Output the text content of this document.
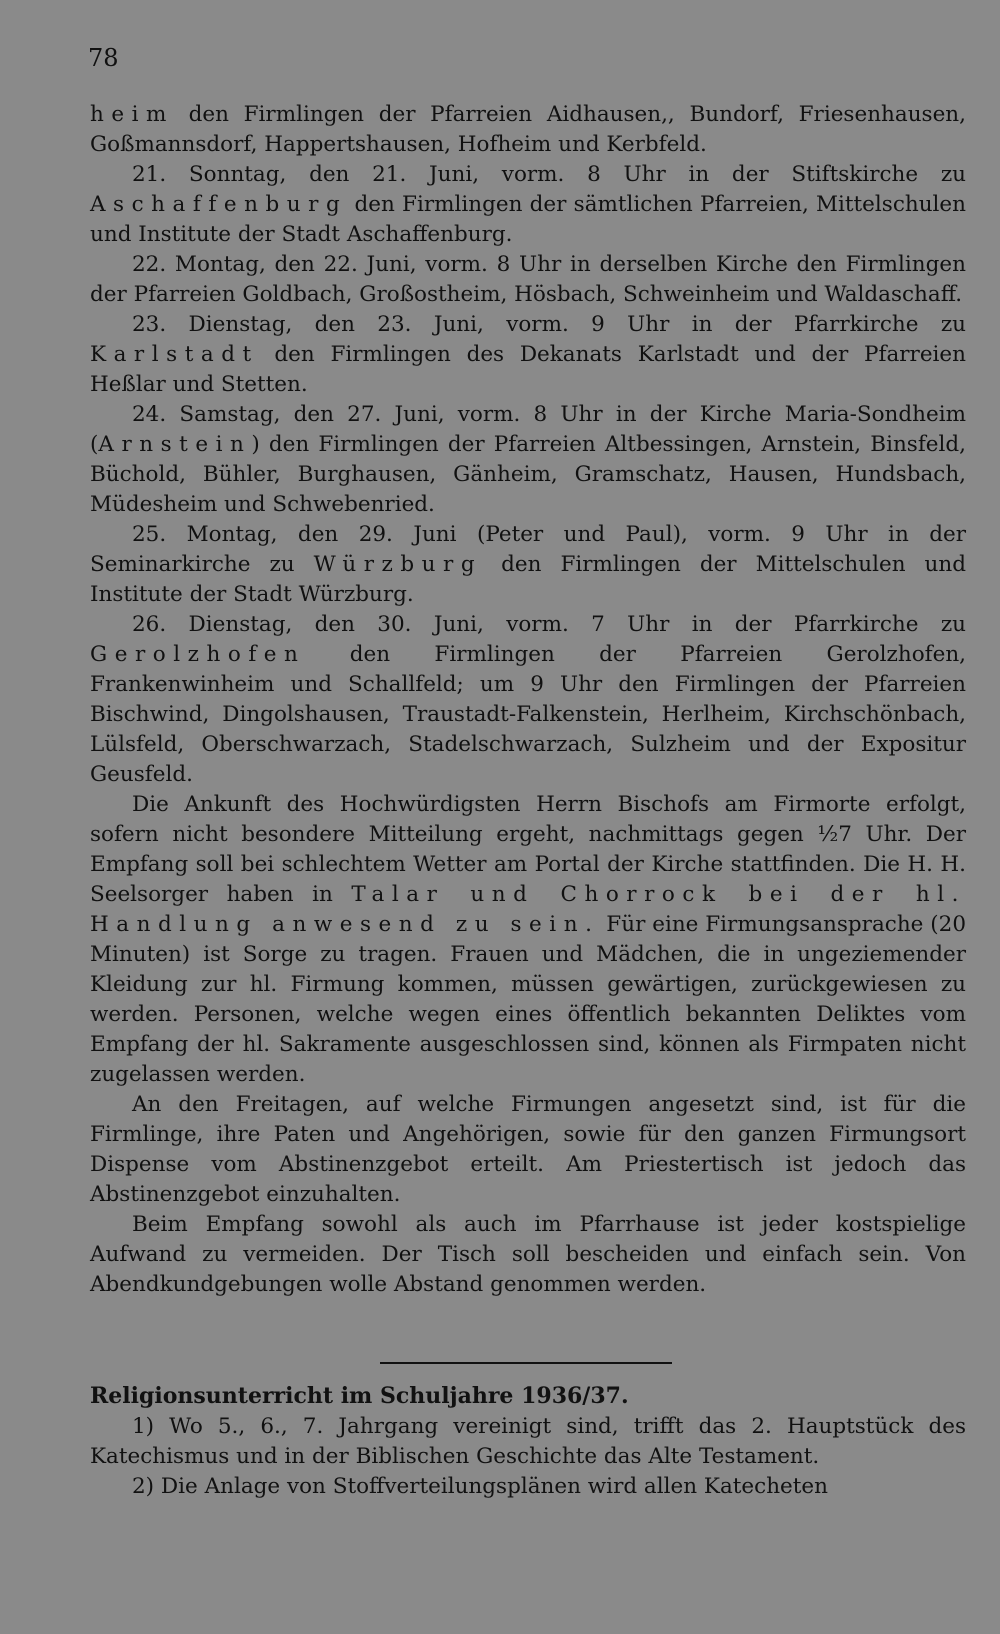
78

heim den Firmlingen der Pfarreien Aidhausen,, Bundorf, Friesenhausen, Goßmannsdorf, Happertshausen, Hofheim und Kerbfeld.

21. Sonntag, den 21. Juni, vorm. 8 Uhr in der Stiftskirche zu Aschaffenburg den Firmlingen der sämtlichen Pfarreien, Mittelschulen und Institute der Stadt Aschaffenburg.

22. Montag, den 22. Juni, vorm. 8 Uhr in derselben Kirche den Firmlingen der Pfarreien Goldbach, Großostheim, Hösbach, Schweinheim und Waldaschaff.

23. Dienstag, den 23. Juni, vorm. 9 Uhr in der Pfarrkirche zu Karlstadt den Firmlingen des Dekanats Karlstadt und der Pfarreien Heßlar und Stetten.

24. Samstag, den 27. Juni, vorm. 8 Uhr in der Kirche Maria-Sondheim (Arnstein) den Firmlingen der Pfarreien Altbessingen, Arnstein, Binsfeld, Büchold, Bühler, Burghausen, Gänheim, Gramschatz, Hausen, Hundsbach, Müdesheim und Schwebenried.

25. Montag, den 29. Juni (Peter und Paul), vorm. 9 Uhr in der Seminarkirche zu Würzburg den Firmlingen der Mittelschulen und Institute der Stadt Würzburg.

26. Dienstag, den 30. Juni, vorm. 7 Uhr in der Pfarrkirche zu Gerolzhofen den Firmlingen der Pfarreien Gerolzhofen, Frankenwinheim und Schallfeld; um 9 Uhr den Firmlingen der Pfarreien Bischwind, Dingolshausen, Traustadt-Falkenstein, Herlheim, Kirchschönbach, Lülsfeld, Oberschwarzach, Stadelschwarzach, Sulzheim und der Expositur Geusfeld.

Die Ankunft des Hochwürdigsten Herrn Bischofs am Firmorte erfolgt, sofern nicht besondere Mitteilung ergeht, nachmittags gegen ½7 Uhr. Der Empfang soll bei schlechtem Wetter am Portal der Kirche stattfinden. Die H. H. Seelsorger haben in Talar und Chorrock bei der hl. Handlung anwesend zu sein. Für eine Firmungsansprache (20 Minuten) ist Sorge zu tragen. Frauen und Mädchen, die in ungeziemender Kleidung zur hl. Firmung kommen, müssen gewärtigen, zurückgewiesen zu werden. Personen, welche wegen eines öffentlich bekannten Deliktes vom Empfang der hl. Sakramente ausgeschlossen sind, können als Firmpaten nicht zugelassen werden.

An den Freitagen, auf welche Firmungen angesetzt sind, ist für die Firmlinge, ihre Paten und Angehörigen, sowie für den ganzen Firmungsort Dispense vom Abstinenzgebot erteilt. Am Priestertisch ist jedoch das Abstinenzgebot einzuhalten.

Beim Empfang sowohl als auch im Pfarrhause ist jeder kostspielige Aufwand zu vermeiden. Der Tisch soll bescheiden und einfach sein. Von Abendkundgebungen wolle Abstand genommen werden.

Religionsunterricht im Schuljahre 1936/37.

1) Wo 5., 6., 7. Jahrgang vereinigt sind, trifft das 2. Hauptstück des Katechismus und in der Biblischen Geschichte das Alte Testament.

2) Die Anlage von Stoffverteilungsplänen wird allen Katecheten
